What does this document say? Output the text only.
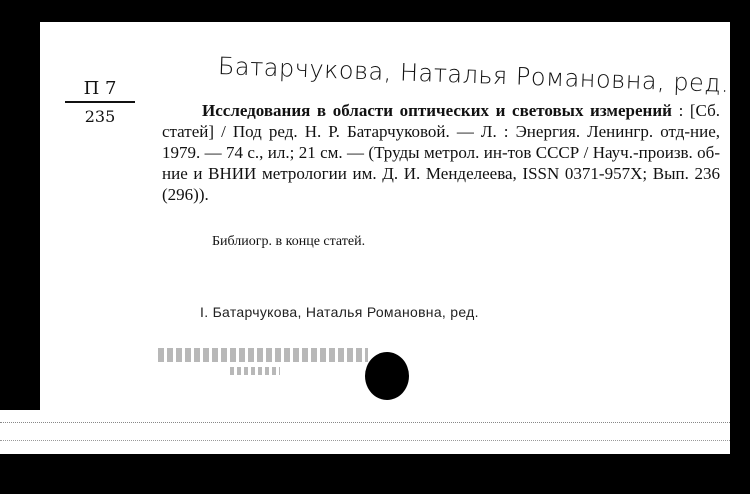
Батарчукова, Наталья Романовна, ред.
П 7
235	Исследования в области оптических и световых измерений : [Сб. статей] / Под ред. Н. Р. Батарчуковой. — Л. : Энергия. Ленингр. отд-ние, 1979. — 74 с., ил.; 21 см. — (Труды метрол. ин-тов СССР / Науч.-произв. об-ние и ВНИИ метрологии им. Д. И. Менделеева, ISSN 0371-957X; Вып. 236 (296)).
Библиогр. в конце статей.
I. Батарчукова, Наталья Романовна, ред.
